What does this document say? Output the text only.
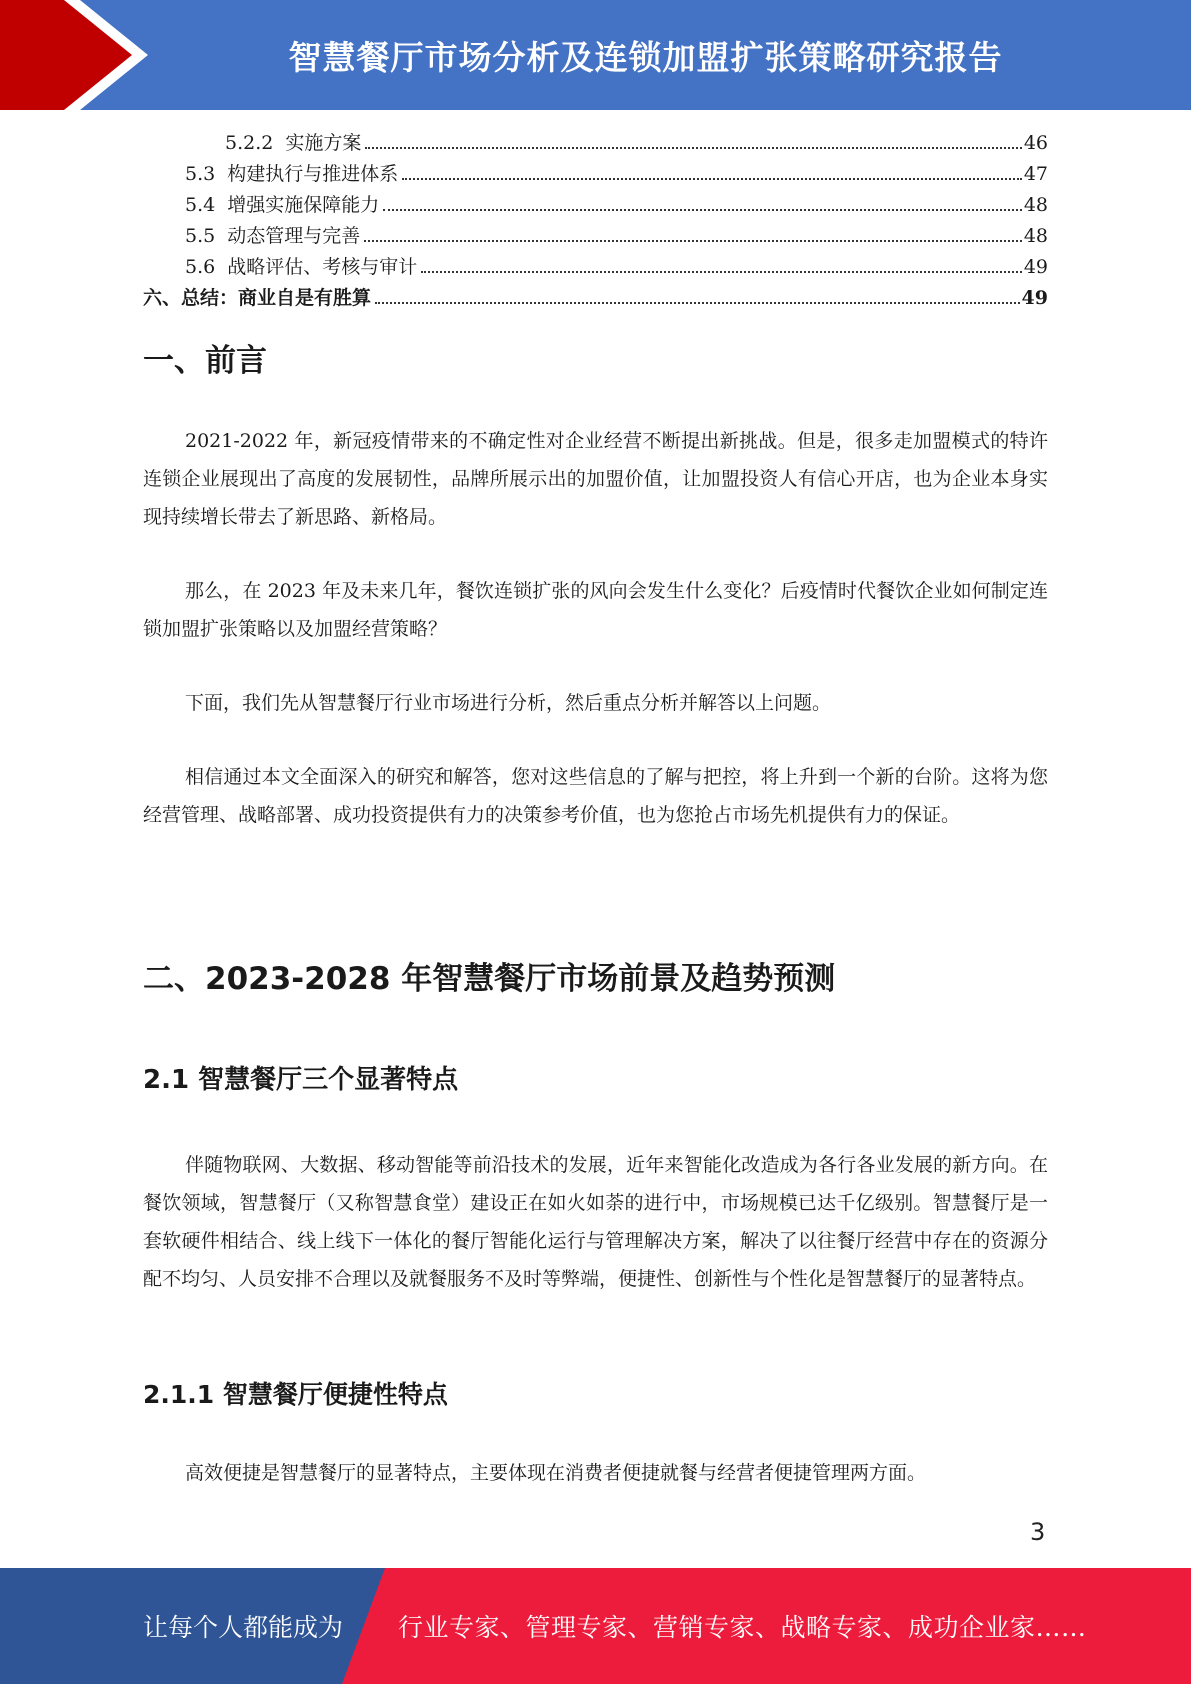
智慧餐厅市场分析及连锁加盟扩张策略研究报告
5.2.2  实施方案	46
5.3  构建执行与推进体系	47
5.4  增强实施保障能力	48
5.5  动态管理与完善	48
5.6  战略评估、考核与审计	49
六、总结：商业自是有胜算	49
一、前言

2021-2022 年，新冠疫情带来的不确定性对企业经营不断提出新挑战。但是，很多走加盟模式的特许连锁企业展现出了高度的发展韧性，品牌所展示出的加盟价值，让加盟投资人有信心开店，也为企业本身实现持续增长带去了新思路、新格局。

那么，在 2023 年及未来几年，餐饮连锁扩张的风向会发生什么变化？后疫情时代餐饮企业如何制定连锁加盟扩张策略以及加盟经营策略？

下面，我们先从智慧餐厅行业市场进行分析，然后重点分析并解答以上问题。

相信通过本文全面深入的研究和解答，您对这些信息的了解与把控，将上升到一个新的台阶。这将为您经营管理、战略部署、成功投资提供有力的决策参考价值，也为您抢占市场先机提供有力的保证。

二、2023-2028 年智慧餐厅市场前景及趋势预测
2.1 智慧餐厅三个显著特点

伴随物联网、大数据、移动智能等前沿技术的发展，近年来智能化改造成为各行各业发展的新方向。在餐饮领域，智慧餐厅（又称智慧食堂）建设正在如火如荼的进行中，市场规模已达千亿级别。智慧餐厅是一套软硬件相结合、线上线下一体化的餐厅智能化运行与管理解决方案，解决了以往餐厅经营中存在的资源分配不均匀、人员安排不合理以及就餐服务不及时等弊端，便捷性、创新性与个性化是智慧餐厅的显著特点。

2.1.1 智慧餐厅便捷性特点

高效便捷是智慧餐厅的显著特点，主要体现在消费者便捷就餐与经营者便捷管理两方面。

3
让每个人都能成为 行业专家、管理专家、营销专家、战略专家、成功企业家……
